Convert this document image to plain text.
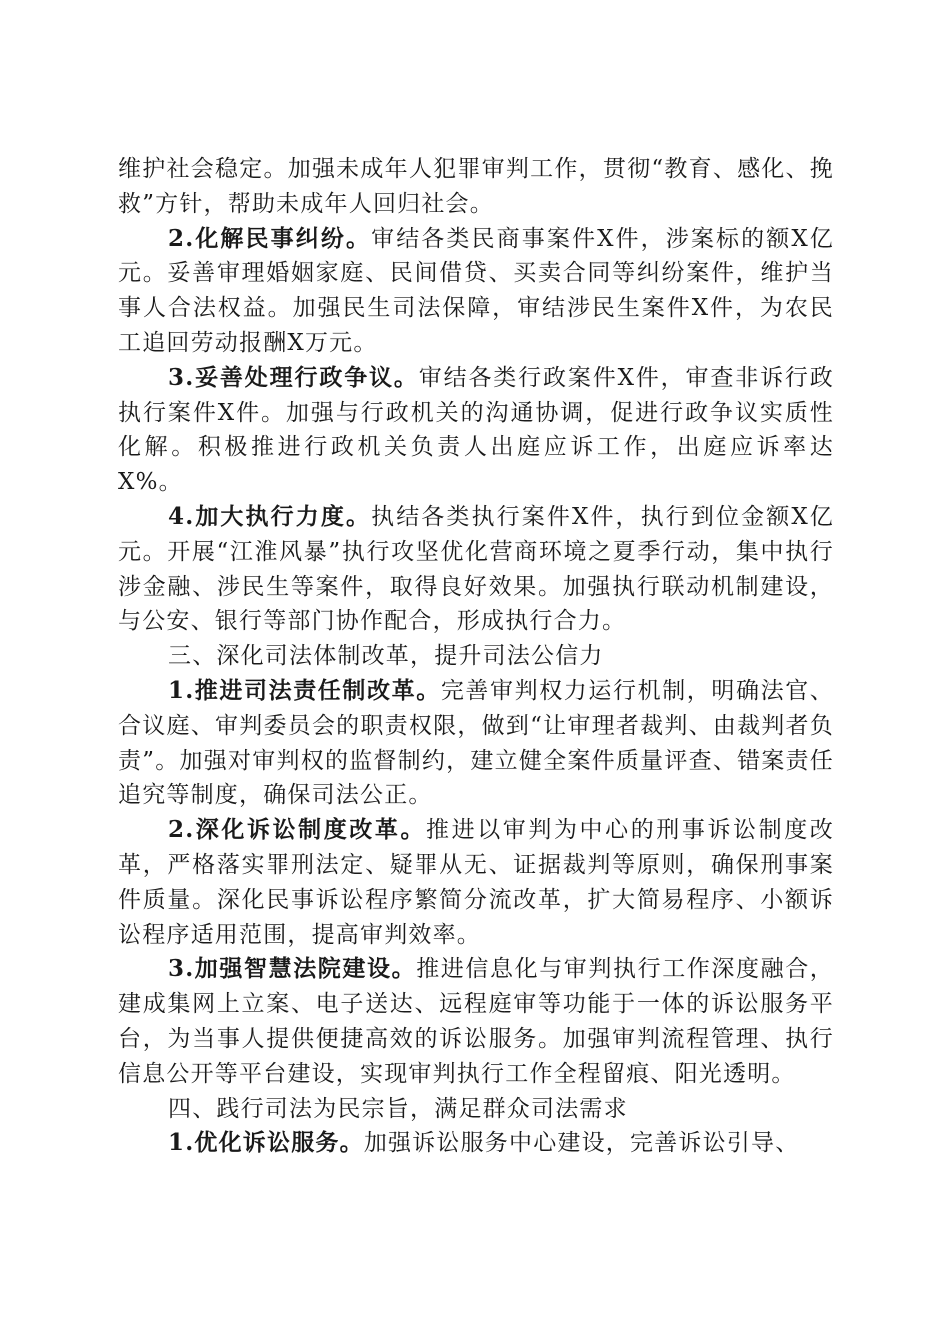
维护社会稳定。加强未成年人犯罪审判工作，贯彻“教育、感化、挽救”方针，帮助未成年人回归社会。

2.化解民事纠纷。审结各类民商事案件X件，涉案标的额X亿元。妥善审理婚姻家庭、民间借贷、买卖合同等纠纷案件，维护当事人合法权益。加强民生司法保障，审结涉民生案件X件，为农民工追回劳动报酬X万元。

3.妥善处理行政争议。审结各类行政案件X件，审查非诉行政执行案件X件。加强与行政机关的沟通协调，促进行政争议实质性化解。积极推进行政机关负责人出庭应诉工作，出庭应诉率达X%。

4.加大执行力度。执结各类执行案件X件，执行到位金额X亿元。开展“江淮风暴”执行攻坚优化营商环境之夏季行动，集中执行涉金融、涉民生等案件，取得良好效果。加强执行联动机制建设，与公安、银行等部门协作配合，形成执行合力。

三、深化司法体制改革，提升司法公信力

1.推进司法责任制改革。完善审判权力运行机制，明确法官、合议庭、审判委员会的职责权限，做到“让审理者裁判、由裁判者负责”。加强对审判权的监督制约，建立健全案件质量评查、错案责任追究等制度，确保司法公正。

2.深化诉讼制度改革。推进以审判为中心的刑事诉讼制度改革，严格落实罪刑法定、疑罪从无、证据裁判等原则，确保刑事案件质量。深化民事诉讼程序繁简分流改革，扩大简易程序、小额诉讼程序适用范围，提高审判效率。

3.加强智慧法院建设。推进信息化与审判执行工作深度融合，建成集网上立案、电子送达、远程庭审等功能于一体的诉讼服务平台，为当事人提供便捷高效的诉讼服务。加强审判流程管理、执行信息公开等平台建设，实现审判执行工作全程留痕、阳光透明。

四、践行司法为民宗旨，满足群众司法需求

1.优化诉讼服务。加强诉讼服务中心建设，完善诉讼引导、
